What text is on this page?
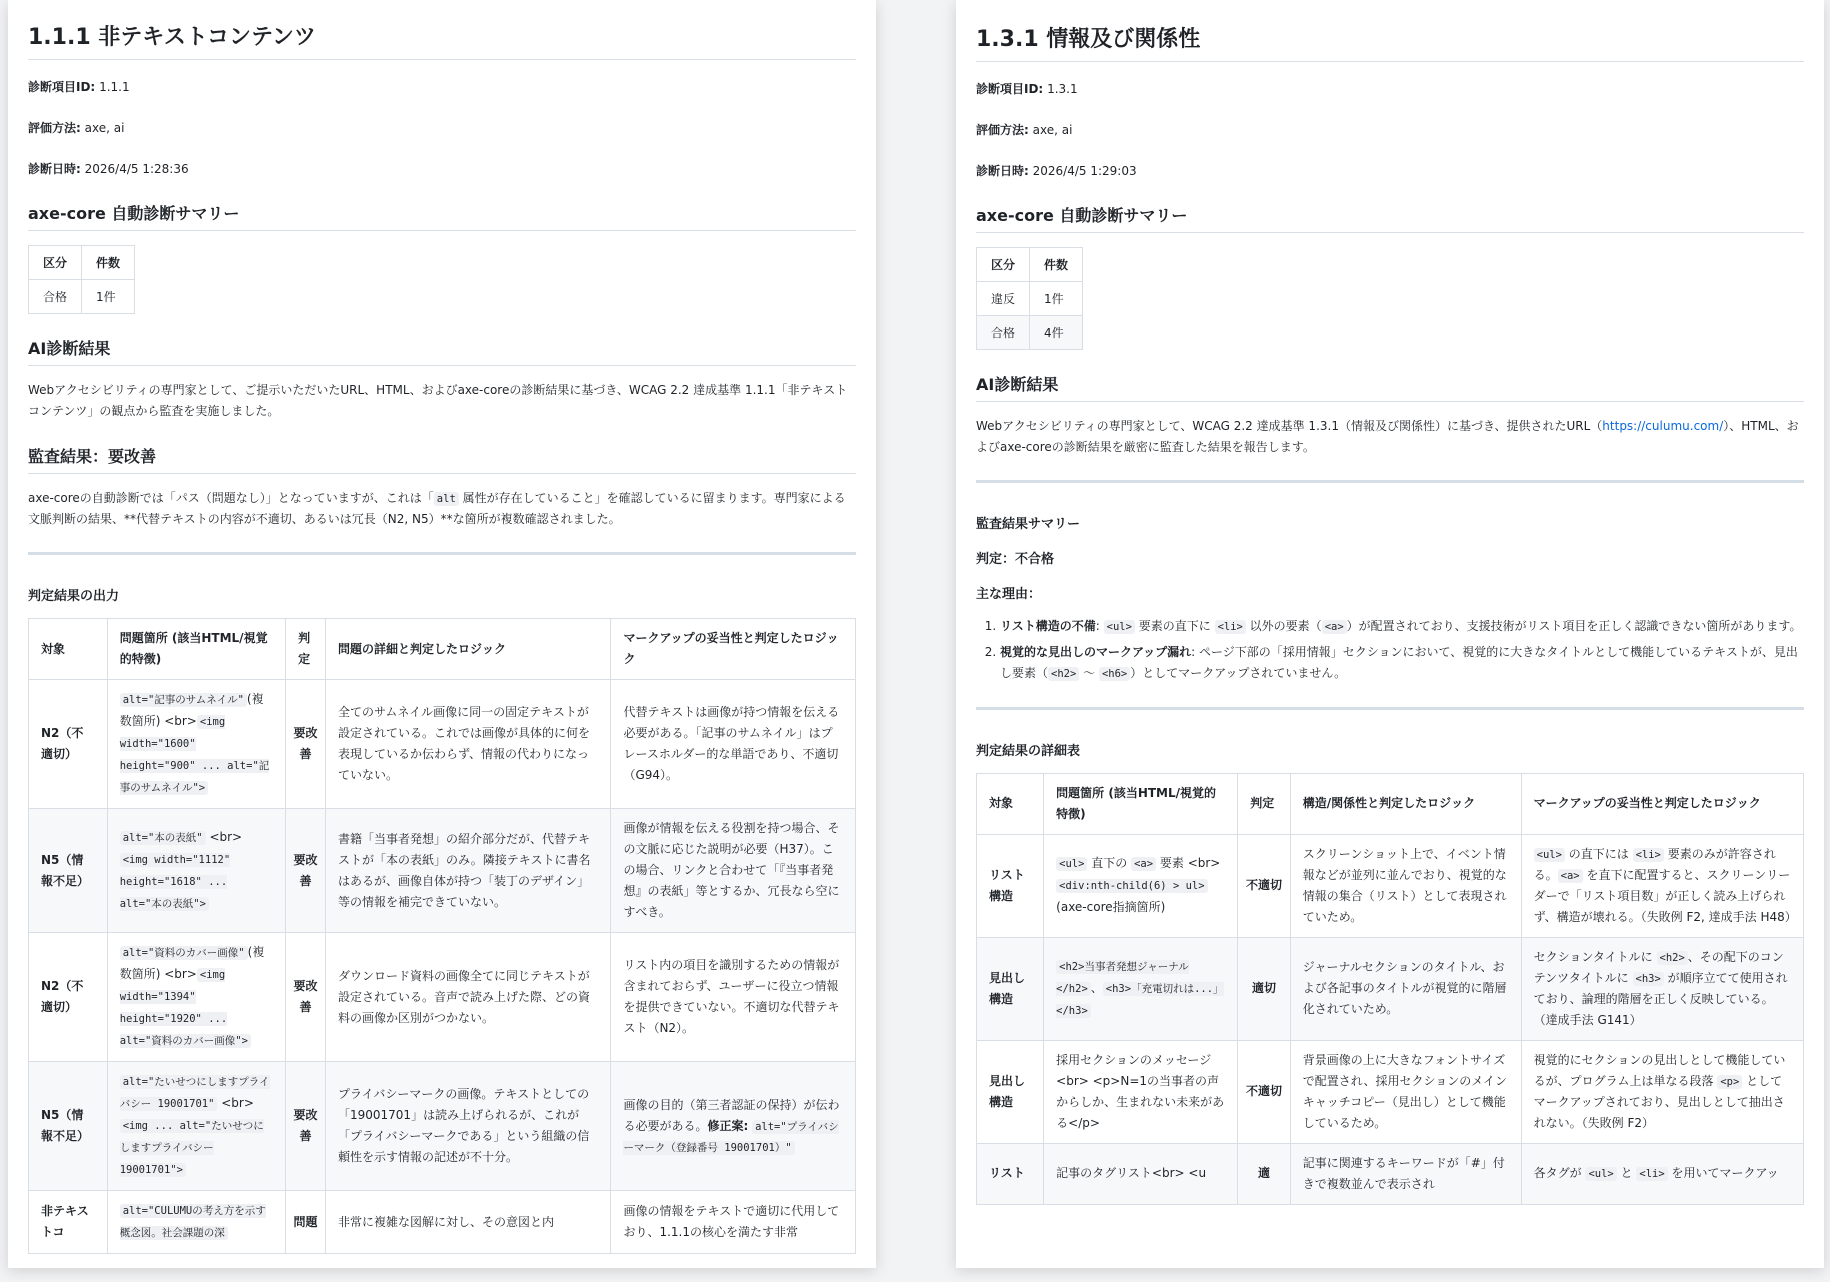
1.1.1 非テキストコンテンツ
診断項目ID: 1.1.1
評価方法: axe, ai
診断日時: 2026/4/5 1:28:36
axe-core 自動診断サマリー
区分	件数
合格	1件
AI診断結果

Webアクセシビリティの専門家として、ご提示いただいたURL、HTML、およびaxe-coreの診断結果に基づき、WCAG 2.2 達成基準 1.1.1「非テキストコンテンツ」の観点から監査を実施しました。

監査結果：要改善

axe-coreの自動診断では「パス（問題なし）」となっていますが、これは「 alt 属性が存在していること」を確認しているに留まります。専門家による文脈判断の結果、**代替テキストの内容が不適切、あるいは冗長（N2, N5）**な箇所が複数確認されました。

判定結果の出力
対象	問題箇所 (該当HTML/視覚的特徴)	判定	問題の詳細と判定したロジック	マークアップの妥当性と判定したロジック
N2（不適切）	alt="記事のサムネイル" (複数箇所) <br> <img width="1600" height="900" ... alt="記事のサムネイル">	要改善	全てのサムネイル画像に同一の固定テキストが設定されている。これでは画像が具体的に何を表現しているか伝わらず、情報の代わりになっていない。	代替テキストは画像が持つ情報を伝える必要がある。「記事のサムネイル」はプレースホルダー的な単語であり、不適切（G94）。
N5（情報不足）	alt="本の表紙" <br> <img width="1112" height="1618" ... alt="本の表紙">	要改善	書籍「当事者発想」の紹介部分だが、代替テキストが「本の表紙」のみ。隣接テキストに書名はあるが、画像自体が持つ「装丁のデザイン」等の情報を補完できていない。	画像が情報を伝える役割を持つ場合、その文脈に応じた説明が必要（H37）。この場合、リンクと合わせて「『当事者発想』の表紙」等とするか、冗長なら空にすべき。
N2（不適切）	alt="資料のカバー画像" (複数箇所) <br> <img width="1394" height="1920" ... alt="資料のカバー画像">	要改善	ダウンロード資料の画像全てに同じテキストが設定されている。音声で読み上げた際、どの資料の画像か区別がつかない。	リスト内の項目を識別するための情報が含まれておらず、ユーザーに役立つ情報を提供できていない。不適切な代替テキスト（N2）。
N5（情報不足）	alt="たいせつにしますプライバシー 19001701" <br> <img ... alt="たいせつにしますプライバシー 19001701">	要改善	プライバシーマークの画像。テキストとしての「19001701」は読み上げられるが、これが「プライバシーマークである」という組織の信頼性を示す情報の記述が不十分。	画像の目的（第三者認証の保持）が伝わる必要がある。修正案: alt="プライバシーマーク（登録番号 19001701）"
非テキストコ	alt="CULUMUの考え方を示す概念図。社会課題の深	問題	非常に複雑な図解に対し、その意図と内	画像の情報をテキストで適切に代用しており、1.1.1の核心を満たす非常
1.3.1 情報及び関係性
診断項目ID: 1.3.1
評価方法: axe, ai
診断日時: 2026/4/5 1:29:03
axe-core 自動診断サマリー
区分	件数
違反	1件
合格	4件
AI診断結果

Webアクセシビリティの専門家として、WCAG 2.2 達成基準 1.3.1（情報及び関係性）に基づき、提供されたURL（https://culumu.com/）、HTML、およびaxe-coreの診断結果を厳密に監査した結果を報告します。

監査結果サマリー
判定：不合格
主な理由：
1. リスト構造の不備: <ul> 要素の直下に <li> 以外の要素（ <a> ）が配置されており、支援技術がリスト項目を正しく認識できない箇所があります。
2. 視覚的な見出しのマークアップ漏れ: ページ下部の「採用情報」セクションにおいて、視覚的に大きなタイトルとして機能しているテキストが、見出し要素（ <h2> 〜 <h6> ）としてマークアップされていません。
判定結果の詳細表
対象	問題箇所 (該当HTML/視覚的特徴)	判定	構造/関係性と判定したロジック	マークアップの妥当性と判定したロジック
リスト構造	<ul> 直下の <a> 要素 <br> <div:nth-child(6) > ul> (axe-core指摘箇所)	不適切	スクリーンショット上で、イベント情報などが並列に並んでおり、視覚的な情報の集合（リスト）として表現されていため。	<ul> の直下には <li> 要素のみが許容される。 <a> を直下に配置すると、スクリーンリーダーで「リスト項目数」が正しく読み上げられず、構造が壊れる。（失敗例 F2, 達成手法 H48）
見出し構造	<h2>当事者発想ジャーナル</h2> 、 <h3>「充電切れは...」</h3>	適切	ジャーナルセクションのタイトル、および各記事のタイトルが視覚的に階層化されていため。	セクションタイトルに <h2> 、その配下のコンテンツタイトルに <h3> が順序立てて使用されており、論理的階層を正しく反映している。（達成手法 G141）
見出し構造	採用セクションのメッセージ<br> <p>N=1の当事者の声からしか、生まれない未来がある</p>	不適切	背景画像の上に大きなフォントサイズで配置され、採用セクションのメインキャッチコピー（見出し）として機能しているため。	視覚的にセクションの見出しとして機能しているが、プログラム上は単なる段落 <p> としてマークアップされており、見出しとして抽出されない。（失敗例 F2）
リスト	記事のタグリスト<br> <u	適	記事に関連するキーワードが「#」付きで複数並んで表示され	各タグが <ul> と <li> を用いてマークアッ
